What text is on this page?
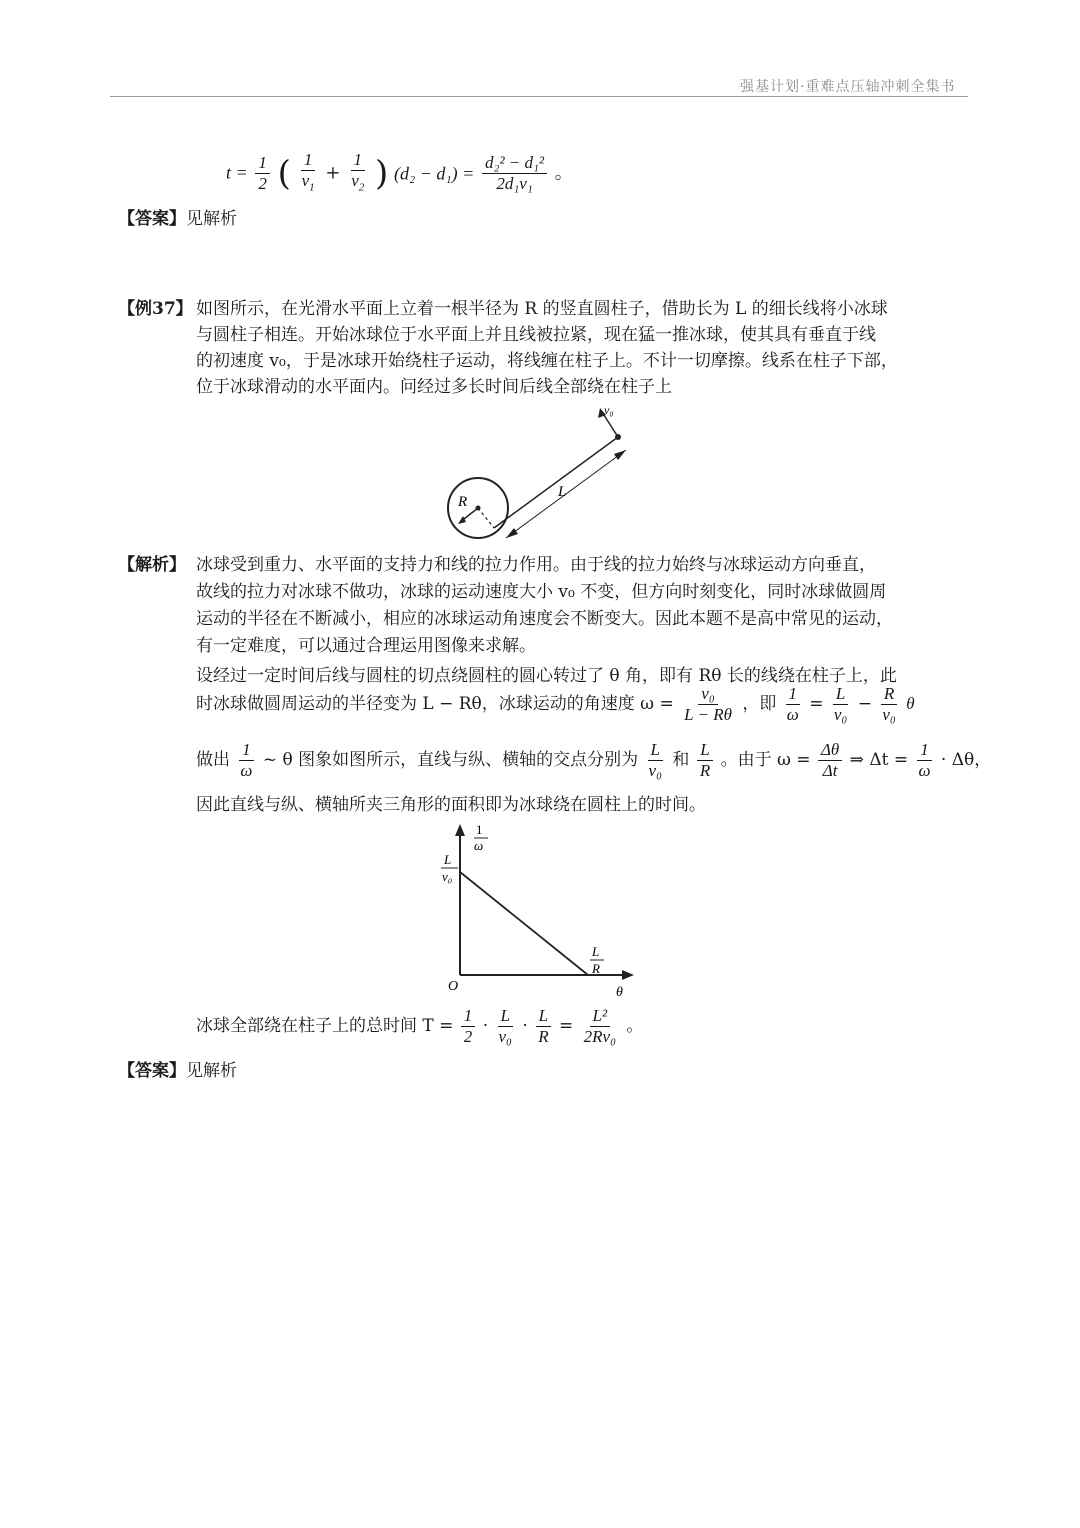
强基计划·重难点压轴冲刺全集书
$t = \frac{1}{2}$ ( $\frac{1}{v_1} + \frac{1}{v_2}$ ) $(d_2 - d_1) = \frac{\text{d₂² − d₁²}}{\text{2d₁v₁}}$ 。
【答案】见解析
【例37】 如图所示，在光滑水平面上立着一根半径为 R 的竖直圆柱子，借助长为 L 的细长线将小冰球
与圆柱子相连。开始冰球位于水平面上并且线被拉紧，现在猛一推冰球，使其具有垂直于线
的初速度 v₀，于是冰球开始绕柱子运动，将线缠在柱子上。不计一切摩擦。线系在柱子下部，
位于冰球滑动的水平面内。问经过多长时间后线全部绕在柱子上
R
L
v₀
【解析】 冰球受到重力、水平面的支持力和线的拉力作用。由于线的拉力始终与冰球运动方向垂直，
故线的拉力对冰球不做功，冰球的运动速度大小 v₀ 不变，但方向时刻变化，同时冰球做圆周
运动的半径在不断减小，相应的冰球运动角速度会不断变大。因此本题不是高中常见的运动，
有一定难度，可以通过合理运用图像来求解。
设经过一定时间后线与圆柱的切点绕圆柱的圆心转过了 θ 角，即有 Rθ 长的线绕在柱子上，此
时冰球做圆周运动的半径变为 L − Rθ，冰球运动的角速度 $\omega = \frac{\text{v₀}}{L - R\theta}$ ，即 $\frac{1}{\omega} = \frac{L}{\text{v₀}} - \frac{R}{\text{v₀}}$ θ
做出 $\frac{1}{\omega}$ ~ θ 图象如图所示，直线与纵、横轴的交点分别为 $\frac{L}{\text{v₀}}$ 和 $\frac{L}{R}$ 。由于 $\omega = \frac{\Delta\theta}{\Delta t}$ ⇒ $\Delta t = \frac{1}{\omega} \cdot \Delta\theta$，
因此直线与纵、横轴所夹三角形的面积即为冰球绕在圆柱上的时间。
1
ω
L
v₀
L
R
O	θ
冰球全部绕在柱子上的总时间 $T = \frac{1}{2} \cdot \frac{L}{\text{v₀}} \cdot \frac{L}{R} = \frac{\text{L²}}{\text{2Rv₀}}$ 。
【答案】见解析
